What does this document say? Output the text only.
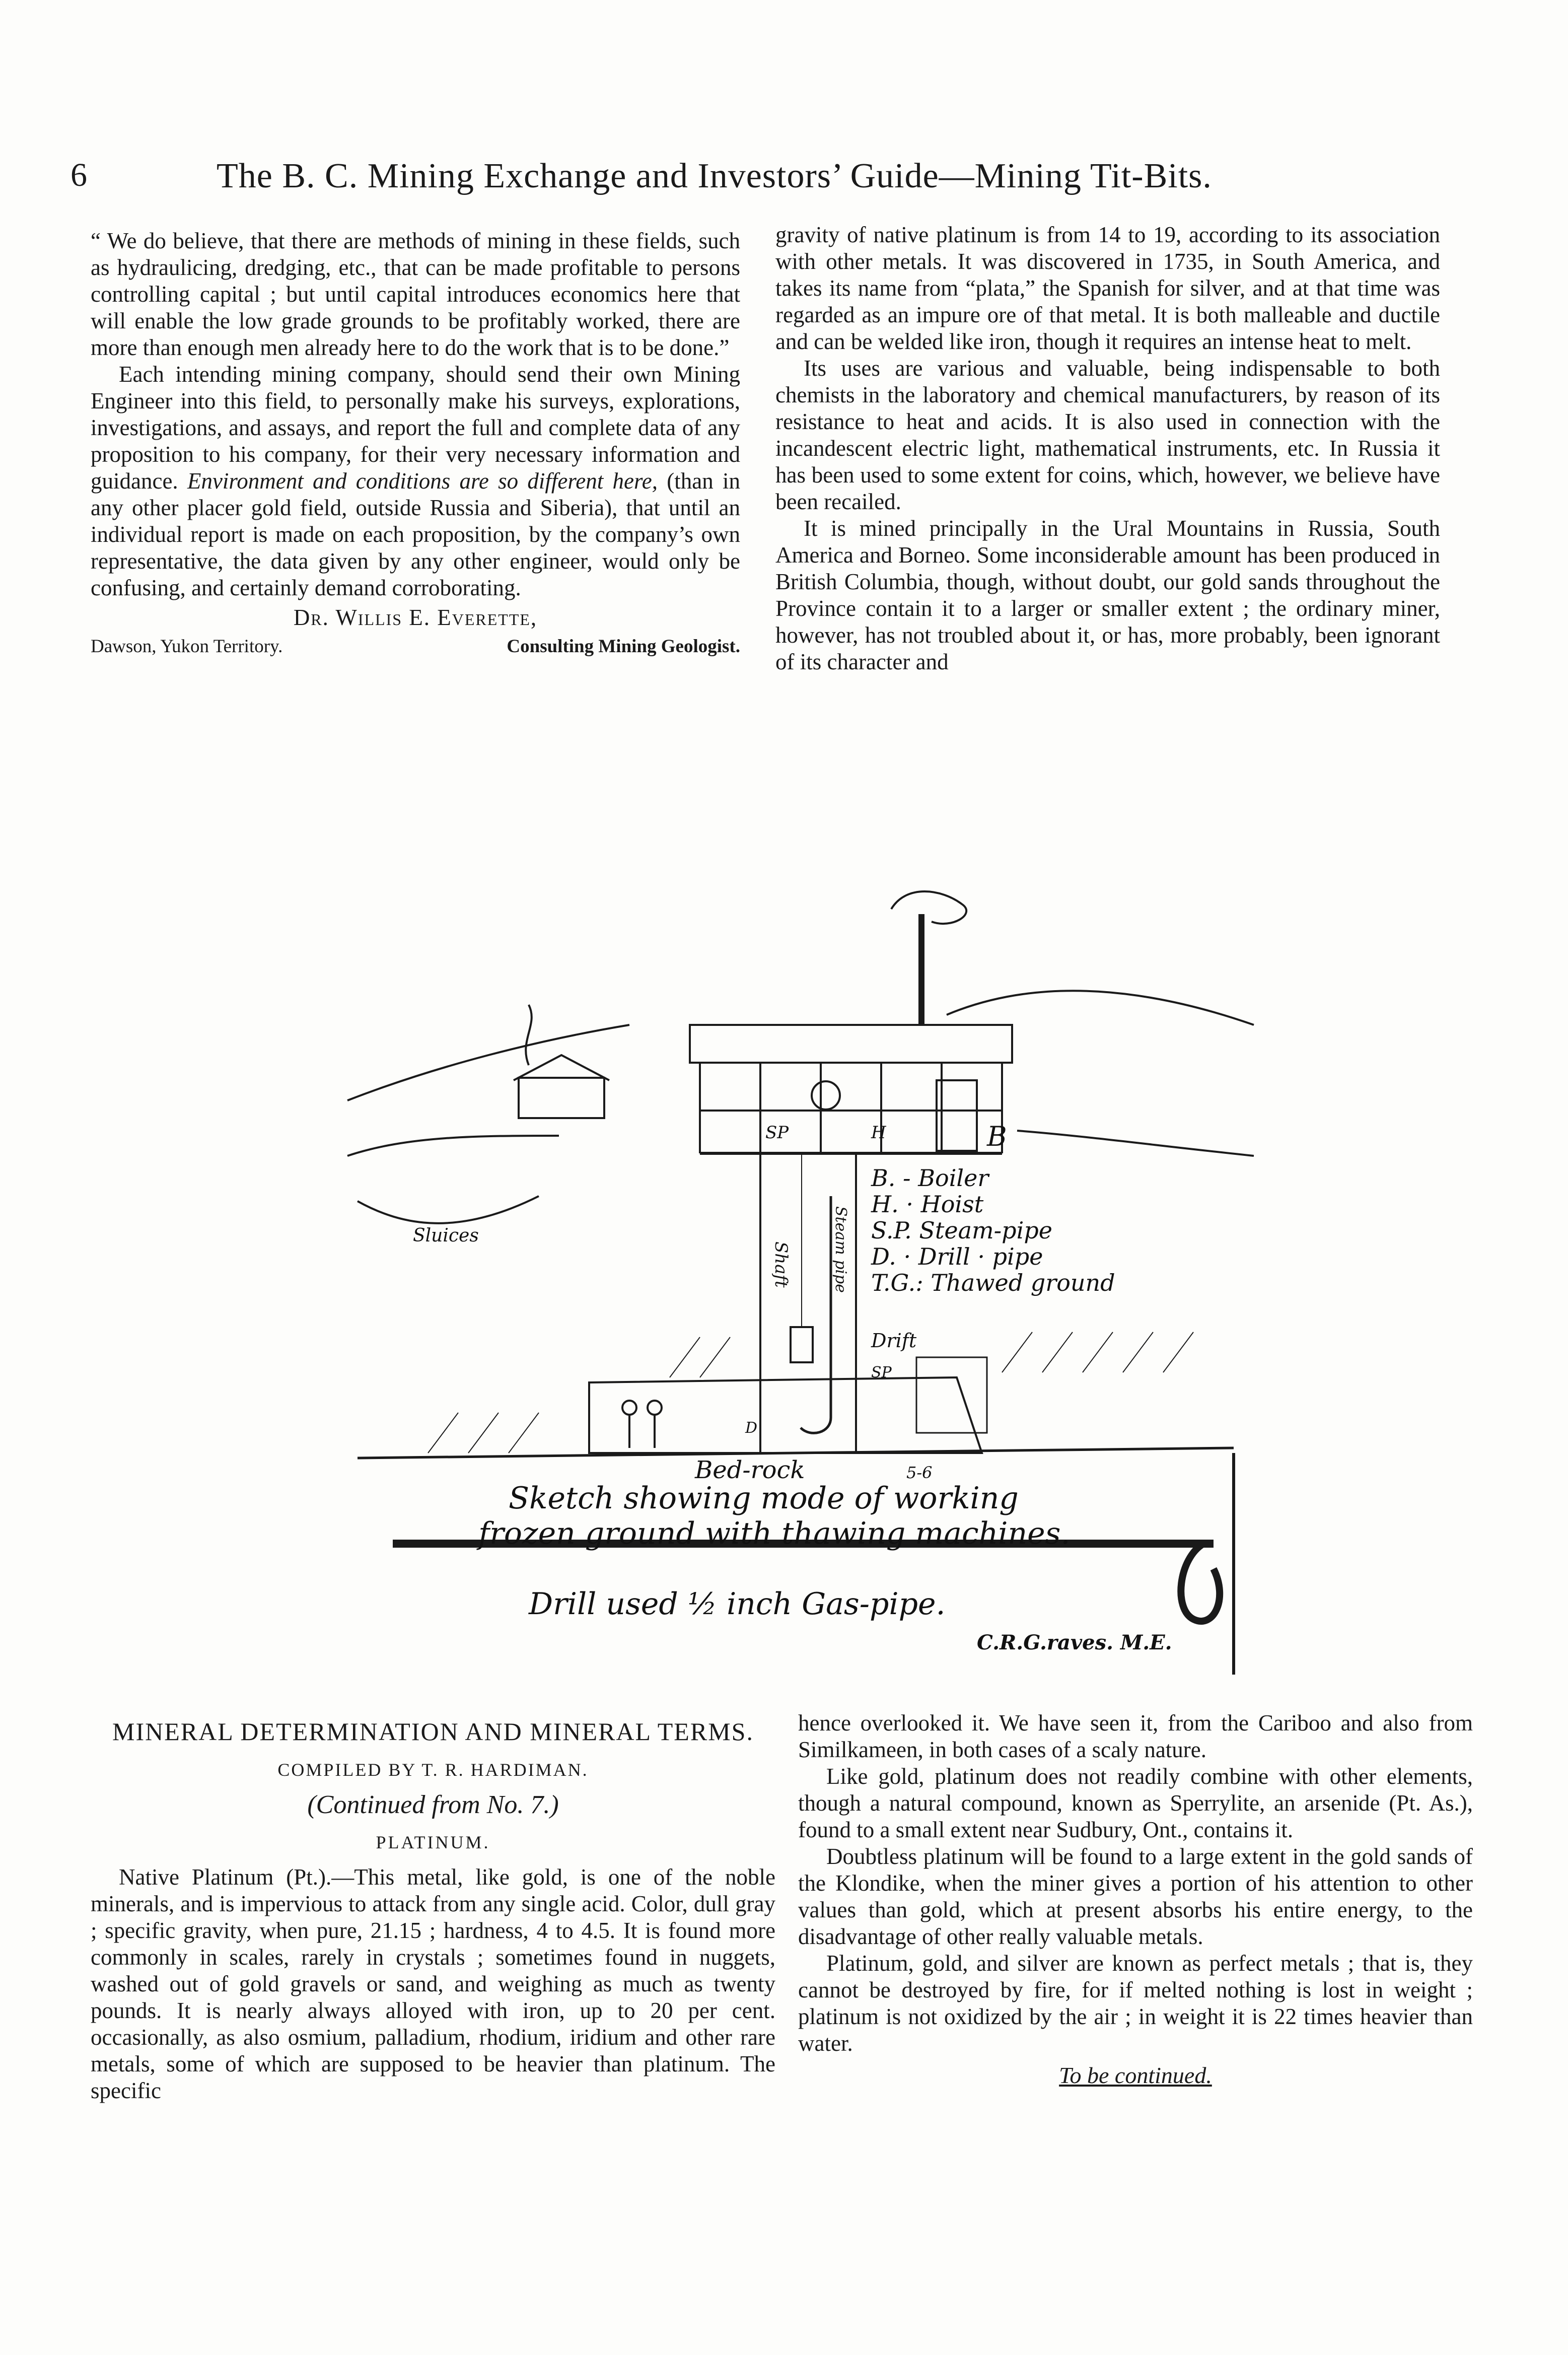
6	The B. C. Mining Exchange and Investors’ Guide—Mining Tit-Bits.

“ We do believe, that there are methods of mining in these fields, such as hydraulicing, dredging, etc., that can be made profitable to persons controlling capital ; but until capital introduces economics here that will enable the low grade grounds to be profitably worked, there are more than enough men already here to do the work that is to be done.”

Each intending mining company, should send their own Mining Engineer into this field, to personally make his surveys, explorations, investigations, and assays, and report the full and complete data of any proposition to his company, for their very necessary information and guidance. Environment and conditions are so different here, (than in any other placer gold field, outside Russia and Siberia), that until an individual report is made on each proposition, by the company’s own representative, the data given by any other engineer, would only be confusing, and certainly demand corroborating.

Dr. Willis E. Everette,
Dawson, Yukon Territory.	Consulting Mining Geologist.

gravity of native platinum is from 14 to 19, according to its association with other metals. It was discovered in 1735, in South America, and takes its name from “plata,” the Spanish for silver, and at that time was regarded as an impure ore of that metal. It is both malleable and ductile and can be welded like iron, though it requires an intense heat to melt.

Its uses are various and valuable, being indispensable to both chemists in the laboratory and chemical manufacturers, by reason of its resistance to heat and acids. It is also used in connection with the incandescent electric light, mathematical instruments, etc. In Russia it has been used to some extent for coins, which, however, we believe have been recailed.

It is mined principally in the Ural Mountains in Russia, South America and Borneo. Some inconsiderable amount has been produced in British Columbia, though, without doubt, our gold sands throughout the Province contain it to a larger or smaller extent ; the ordinary miner, however, has not troubled about it, or has, more probably, been ignorant of its character and

B
H
SP
B. - Boiler
H. · Hoist
S.P. Steam-pipe
D. · Drill · pipe
T.G.: Thawed ground
Sluices
Shaft	Steam pipe
Drift
SP
D
Bed-rock	5-6
Sketch showing mode of working
frozen ground with thawing machines.
Drill used ½ inch Gas-pipe.
C.R.G.raves. M.E.
MINERAL DETERMINATION AND MINERAL TERMS.
COMPILED BY T. R. HARDIMAN.
(Continued from No. 7.)
PLATINUM.

Native Platinum (Pt.).—This metal, like gold, is one of the noble minerals, and is impervious to attack from any single acid. Color, dull gray ; specific gravity, when pure, 21.15 ; hardness, 4 to 4.5. It is found more commonly in scales, rarely in crystals ; sometimes found in nuggets, washed out of gold gravels or sand, and weighing as much as twenty pounds. It is nearly always alloyed with iron, up to 20 per cent. occasionally, as also osmium, palladium, rhodium, iridium and other rare metals, some of which are supposed to be heavier than platinum. The specific

hence overlooked it. We have seen it, from the Cariboo and also from Similkameen, in both cases of a scaly nature.

Like gold, platinum does not readily combine with other elements, though a natural compound, known as Sperrylite, an arsenide (Pt. As.), found to a small extent near Sudbury, Ont., contains it.

Doubtless platinum will be found to a large extent in the gold sands of the Klondike, when the miner gives a portion of his attention to other values than gold, which at present absorbs his entire energy, to the disadvantage of other really valuable metals.

Platinum, gold, and silver are known as perfect metals ; that is, they cannot be destroyed by fire, for if melted nothing is lost in weight ; platinum is not oxidized by the air ; in weight it is 22 times heavier than water.

To be continued.
